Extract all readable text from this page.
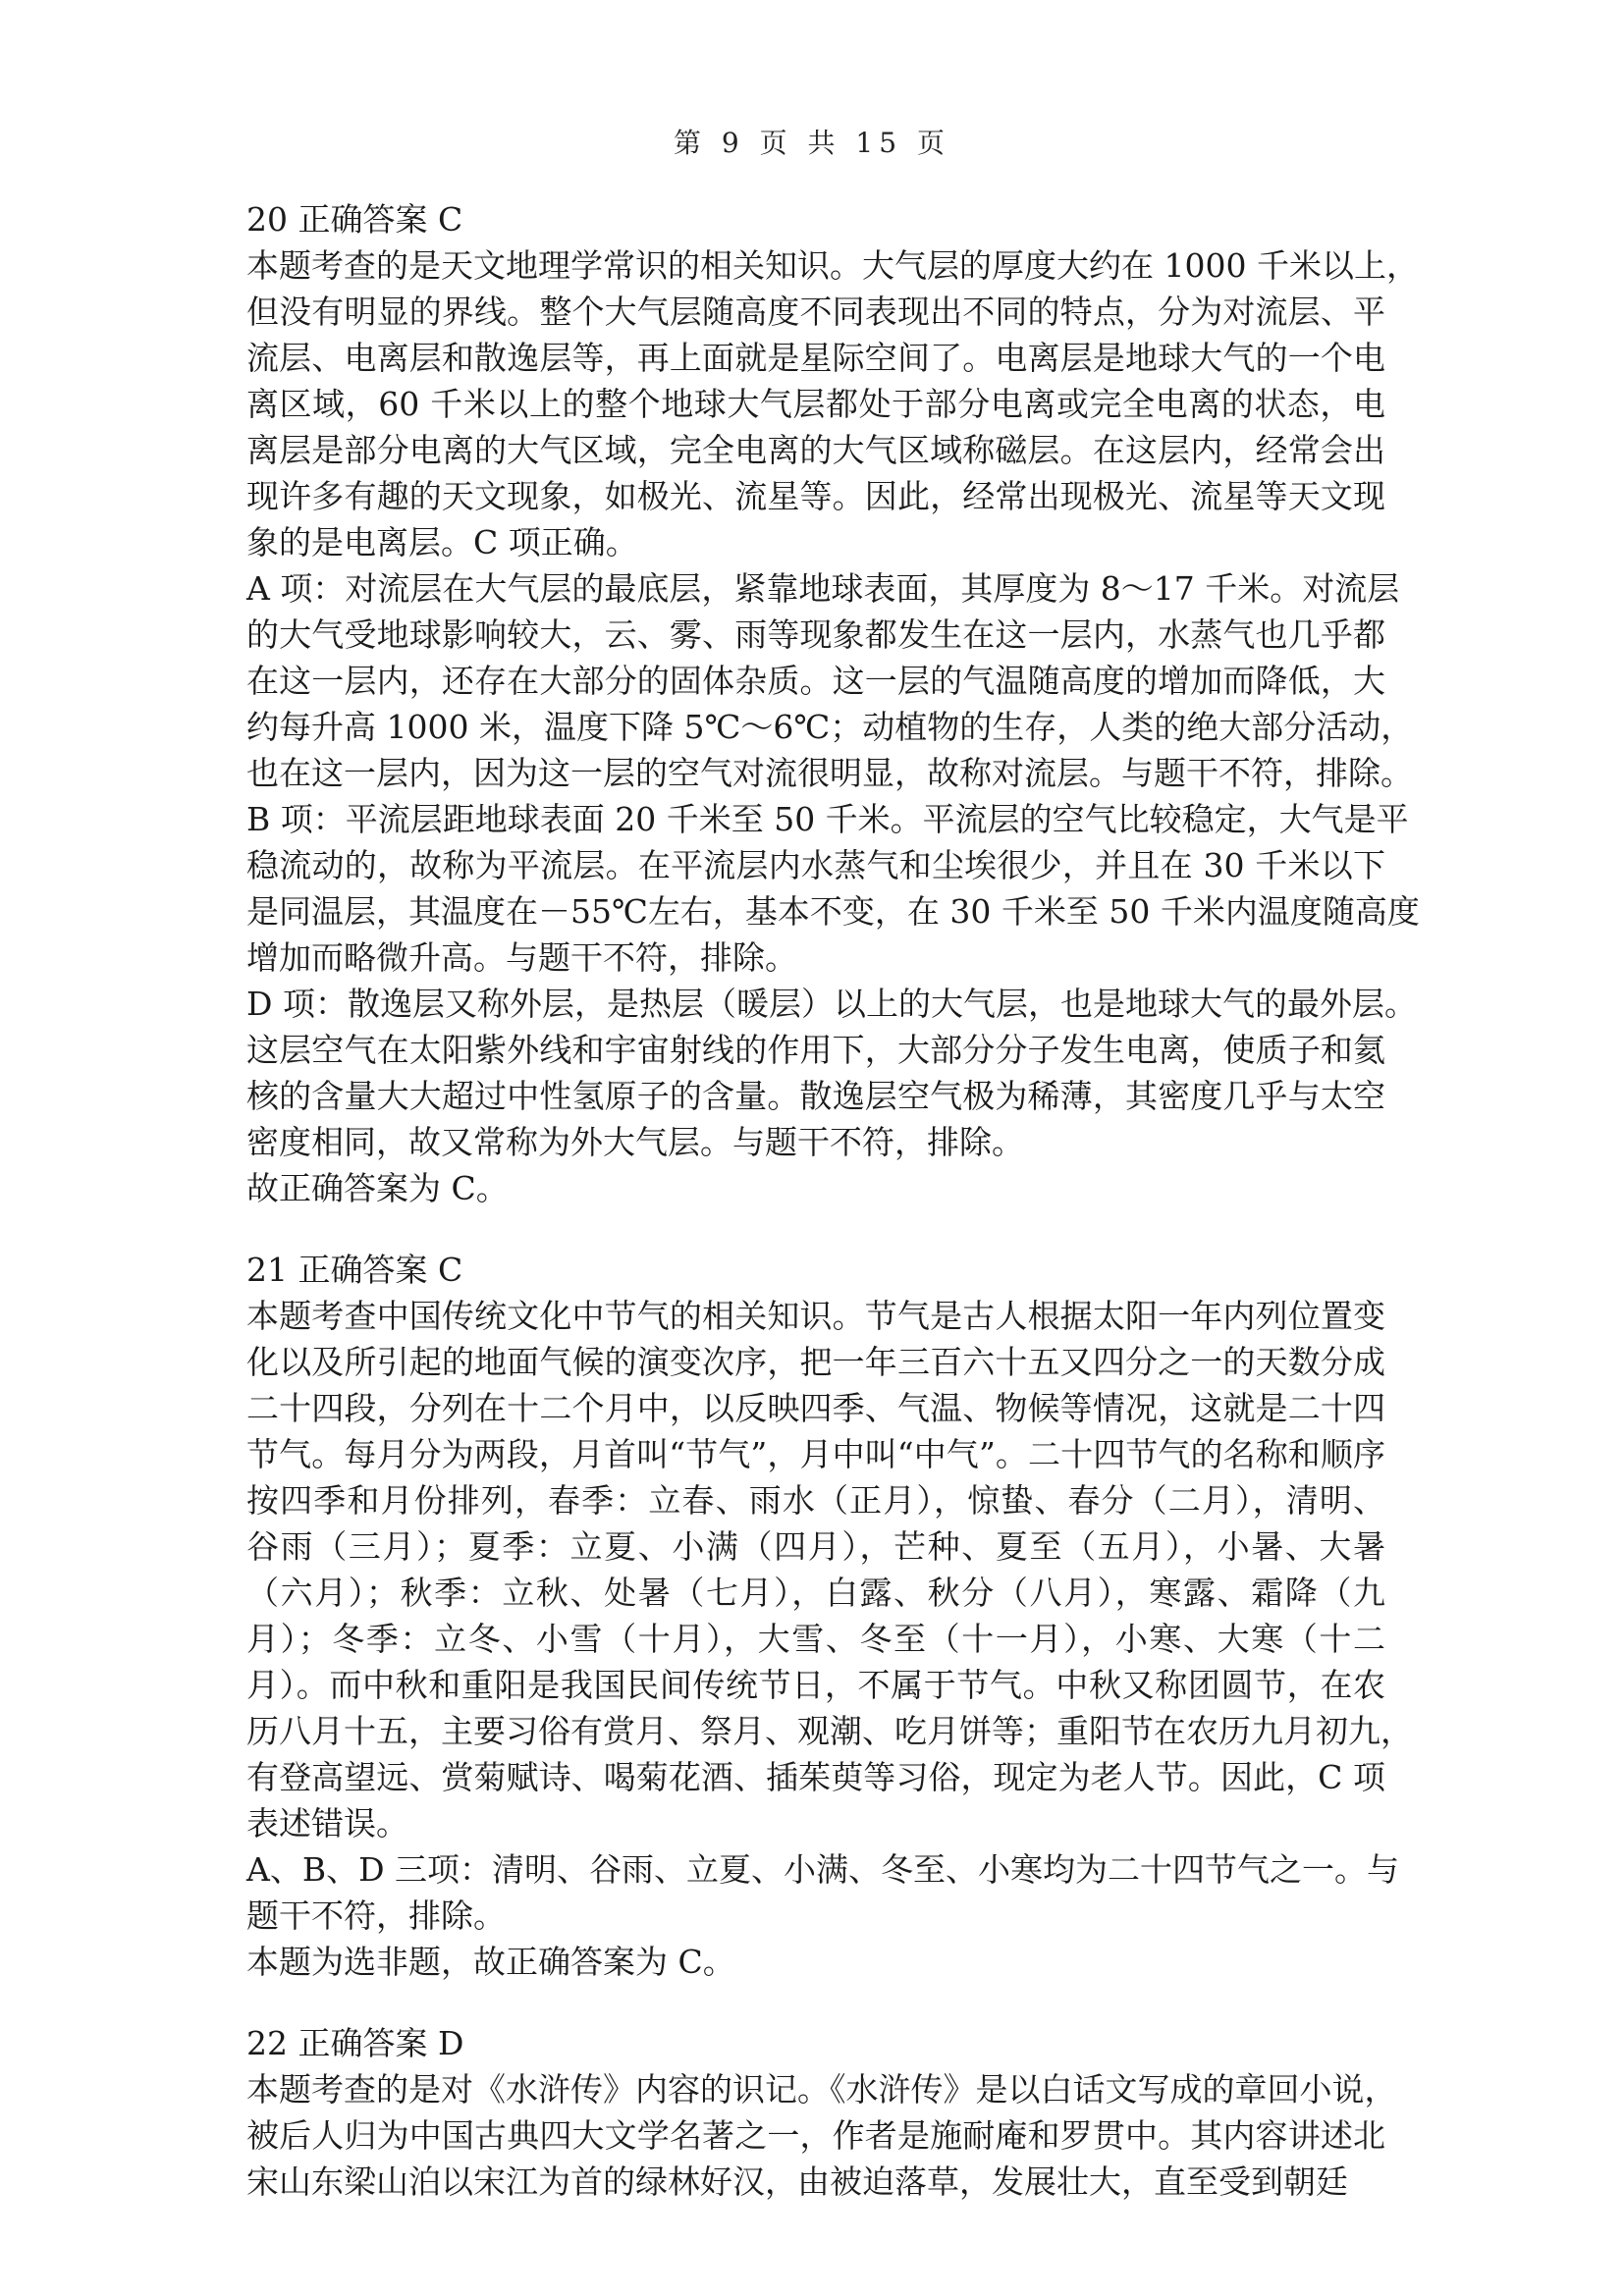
第 9 页 共 15 页
20 正确答案 C
本题考查的是天文地理学常识的相关知识。大气层的厚度大约在 1000 千米以上，
但没有明显的界线。整个大气层随高度不同表现出不同的特点，分为对流层、平
流层、电离层和散逸层等，再上面就是星际空间了。电离层是地球大气的一个电
离区域，60 千米以上的整个地球大气层都处于部分电离或完全电离的状态，电
离层是部分电离的大气区域，完全电离的大气区域称磁层。在这层内，经常会出
现许多有趣的天文现象，如极光、流星等。因此，经常出现极光、流星等天文现
象的是电离层。C 项正确。
A 项：对流层在大气层的最底层，紧靠地球表面，其厚度为 8～17 千米。对流层
的大气受地球影响较大，云、雾、雨等现象都发生在这一层内，水蒸气也几乎都
在这一层内，还存在大部分的固体杂质。这一层的气温随高度的增加而降低，大
约每升高 1000 米，温度下降 5℃～6℃；动植物的生存，人类的绝大部分活动，
也在这一层内，因为这一层的空气对流很明显，故称对流层。与题干不符，排除。
B 项：平流层距地球表面 20 千米至 50 千米。平流层的空气比较稳定，大气是平
稳流动的，故称为平流层。在平流层内水蒸气和尘埃很少，并且在 30 千米以下
是同温层，其温度在－55℃左右，基本不变，在 30 千米至 50 千米内温度随高度
增加而略微升高。与题干不符，排除。
D 项：散逸层又称外层，是热层（暖层）以上的大气层，也是地球大气的最外层。
这层空气在太阳紫外线和宇宙射线的作用下，大部分分子发生电离，使质子和氦
核的含量大大超过中性氢原子的含量。散逸层空气极为稀薄，其密度几乎与太空
密度相同，故又常称为外大气层。与题干不符，排除。
故正确答案为 C。
21 正确答案 C
本题考查中国传统文化中节气的相关知识。节气是古人根据太阳一年内列位置变
化以及所引起的地面气候的演变次序，把一年三百六十五又四分之一的天数分成
二十四段，分列在十二个月中，以反映四季、气温、物候等情况，这就是二十四
节气。每月分为两段，月首叫“节气”，月中叫“中气”。二十四节气的名称和顺序
按四季和月份排列，春季：立春、雨水（正月），惊蛰、春分（二月），清明、
谷雨（三月）；夏季：立夏、小满（四月），芒种、夏至（五月），小暑、大暑
（六月）；秋季：立秋、处暑（七月），白露、秋分（八月），寒露、霜降（九
月）；冬季：立冬、小雪（十月），大雪、冬至（十一月），小寒、大寒（十二
月）。而中秋和重阳是我国民间传统节日，不属于节气。中秋又称团圆节，在农
历八月十五，主要习俗有赏月、祭月、观潮、吃月饼等；重阳节在农历九月初九，
有登高望远、赏菊赋诗、喝菊花酒、插茱萸等习俗，现定为老人节。因此，C 项
表述错误。
A、B、D 三项：清明、谷雨、立夏、小满、冬至、小寒均为二十四节气之一。与
题干不符，排除。
本题为选非题，故正确答案为 C。
22 正确答案 D
本题考查的是对《水浒传》内容的识记。《水浒传》是以白话文写成的章回小说，
被后人归为中国古典四大文学名著之一，作者是施耐庵和罗贯中。其内容讲述北
宋山东梁山泊以宋江为首的绿林好汉，由被迫落草，发展壮大，直至受到朝廷
